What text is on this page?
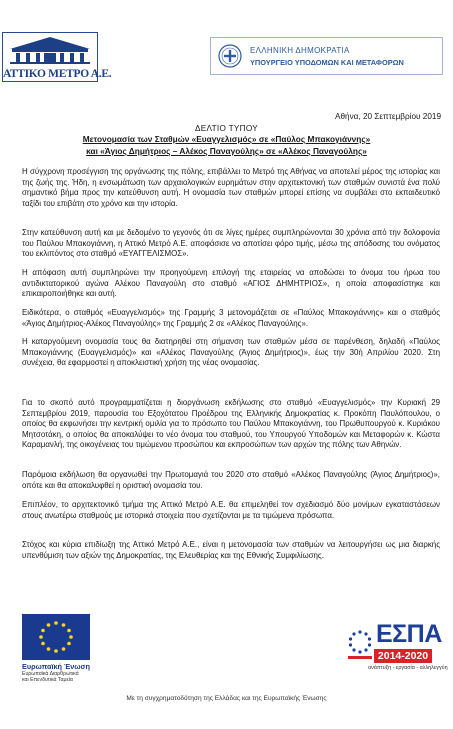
ΑΤΤΙΚΟ ΜΕΤΡΟ Α.Ε.
ΕΛΛΗΝΙΚΗ ΔΗΜΟΚΡΑΤΙΑ
ΥΠΟΥΡΓΕΙΟ ΥΠΟΔΟΜΩΝ ΚΑΙ ΜΕΤΑΦΟΡΩΝ
Αθήνα, 20 Σεπτεμβρίου 2019
ΔΕΛΤΙΟ ΤΥΠΟΥ
Μετονομασία των Σταθμών «Ευαγγελισμός» σε «Παύλος Μπακογιάννης»
και «Άγιος Δημήτριος – Αλέκος Παναγούλης» σε «Αλέκος Παναγούλης»

Η σύγχρονη προσέγγιση της οργάνωσης της πόλης, επιβάλλει το Μετρό της Αθήνας να αποτελεί μέρος της ιστορίας και της ζωής της. Ήδη, η ενσωμάτωση των αρχαιολογικών ευρημάτων στην αρχιτεκτονική των σταθμών συνιστά ένα πολύ σημαντικό βήμα προς την κατεύθυνση αυτή. Η ονομασία των σταθμών μπορεί επίσης να συμβάλει στο εκπαιδευτικό ταξίδι του επιβάτη στο χρόνο και την ιστορία.

Στην κατεύθυνση αυτή και με δεδομένο το γεγονός ότι σε λίγες ημέρες συμπληρώνονται 30 χρόνια από την δολοφονία του Παύλου Μπακογιάννη, η Αττικό Μετρό Α.Ε. αποφάσισε να αποτίσει φόρο τιμής, μέσω της απόδοσης του ονόματος του εκλιπόντος στο σταθμό «ΕΥΑΓΓΕΛΙΣΜΟΣ».

Η απόφαση αυτή συμπληρώνει την προηγούμενη επιλογή της εταιρείας να αποδώσει το όνομα του ήρωα του αντιδικτατορικού αγώνα Αλέκου Παναγούλη στο σταθμό «ΑΓΙΟΣ ΔΗΜΗΤΡΙΟΣ», η οποία αποφασίστηκε και επικαιροποιήθηκε και αυτή.

Ειδικότερα, ο σταθμός «Ευαγγελισμός» της Γραμμής 3 μετονομάζεται σε «Παύλος Μπακογιάννης» και ο σταθμός «Άγιος Δημήτριος-Αλέκος Παναγούλης» της Γραμμής 2 σε «Αλέκος Παναγούλης».

Η καταργούμενη ονομασία τους θα διατηρηθεί στη σήμανση των σταθμών μέσα σε παρένθεση, δηλαδή «Παύλος Μπακογιάννης (Ευαγγελισμός)» και «Αλέκος Παναγούλης (Άγιος Δημήτριος)», έως την 30ή Απριλίου 2020. Στη συνέχεια, θα εφαρμοστεί η αποκλειστική χρήση της νέας ονομασίας.

Για το σκοπό αυτό προγραμματίζεται η διοργάνωση εκδήλωσης στο σταθμό «Ευαγγελισμός» την Κυριακή 29 Σεπτεμβρίου 2019, παρουσία του Εξοχότατου Προέδρου της Ελληνικής Δημοκρατίας κ. Προκόπη Παυλόπουλου, ο οποίος θα εκφωνήσει την κεντρική ομιλία για το πρόσωπο του Παύλου Μπακογιάννη, του Πρωθυπουργού κ. Κυριάκου Μητσοτάκη, ο οποίος θα αποκαλύψει το νέο όνομα του σταθμού, του Υπουργού Υποδομών και Μεταφορών κ. Κώστα Καραμανλή, της οικογένειας του τιμώμενου προσώπου και εκπροσώπων των αρχών της πόλης των Αθηνών.

Παρόμοια εκδήλωση θα οργανωθεί την Πρωτομαγιά του 2020 στο σταθμό «Αλέκος Παναγούλης (Άγιος Δημήτριος)», οπότε και θα αποκαλυφθεί η οριστική ονομασία του.

Επιπλέον, το αρχιτεκτονικό τμήμα της Αττικό Μετρό Α.Ε. θα επιμεληθεί τον σχεδιασμό δύο μονίμων εγκαταστάσεων στους ανωτέρω σταθμούς με ιστορικά στοιχεία που σχετίζονται με τα τιμώμενα πρόσωπα.

Στόχος και κύρια επιδίωξη της Αττικό Μετρό Α.Ε., είναι η μετονομασία των σταθμών να λειτουργήσει ως μια διαρκής υπενθύμιση των αξιών της Δημοκρατίας, της Ελευθερίας και της Εθνικής Συμφιλίωσης.

Ευρωπαϊκή Ένωση
Ευρωπαϊκά Διαρθρωτικά
και Επενδυτικά Ταμεία
ΕΣΠΑ
2014-2020
ανάπτυξη - εργασία - αλληλεγγύη
Με τη συγχρηματοδότηση της Ελλάδας και της Ευρωπαϊκής Ένωσης
